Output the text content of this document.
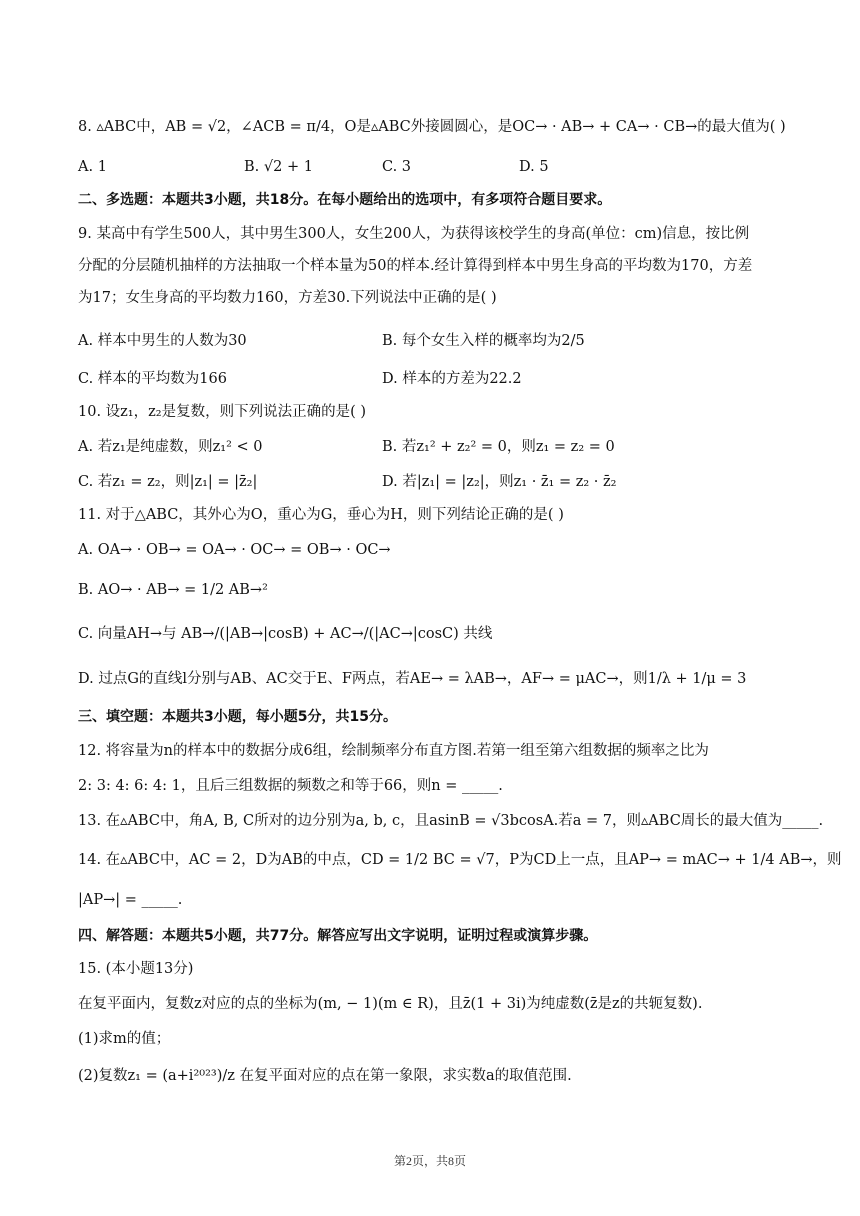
8. ▵ABC中，AB = √2，∠ACB = π/4，O是▵ABC外接圆圆心，是OC→ · AB→ + CA→ · CB→的最大值为( )
A. 1	B. √2 + 1	C. 3	D. 5
二、多选题：本题共3小题，共18分。在每小题给出的选项中，有多项符合题目要求。
9. 某高中有学生500人，其中男生300人，女生200人，为获得该校学生的身高(单位：cm)信息，按比例
分配的分层随机抽样的方法抽取一个样本量为50的样本.经计算得到样本中男生身高的平均数为170，方差
为17；女生身高的平均数力160，方差30.下列说法中正确的是( )
A. 样本中男生的人数为30	B. 每个女生入样的概率均为2/5
C. 样本的平均数为166	D. 样本的方差为22.2
10. 设z₁，z₂是复数，则下列说法正确的是( )
A. 若z₁是纯虚数，则z₁² < 0	B. 若z₁² + z₂² = 0，则z₁ = z₂ = 0
C. 若z₁ = z₂，则|z₁| = |z̄₂|	D. 若|z₁| = |z₂|，则z₁ · z̄₁ = z₂ · z̄₂
11. 对于△ABC，其外心为O，重心为G，垂心为H，则下列结论正确的是( )
A. OA→ · OB→ = OA→ · OC→ = OB→ · OC→
B. AO→ · AB→ = 1/2 AB→²
C. 向量AH→与 AB→/(|AB→|cosB) + AC→/(|AC→|cosC) 共线
D. 过点G的直线l分别与AB、AC交于E、F两点，若AE→ = λAB→，AF→ = μAC→，则1/λ + 1/μ = 3
三、填空题：本题共3小题，每小题5分，共15分。
12. 将容量为n的样本中的数据分成6组，绘制频率分布直方图.若第一组至第六组数据的频率之比为
2: 3: 4: 6: 4: 1，且后三组数据的频数之和等于66，则n = _____.
13. 在▵ABC中，角A, B, C所对的边分别为a, b, c，且asinB = √3bcosA.若a = 7，则▵ABC周长的最大值为_____.
14. 在▵ABC中，AC = 2，D为AB的中点，CD = 1/2 BC = √7，P为CD上一点，且AP→ = mAC→ + 1/4 AB→，则
|AP→| = _____.
四、解答题：本题共5小题，共77分。解答应写出文字说明，证明过程或演算步骤。
15. (本小题13分)
在复平面内，复数z对应的点的坐标为(m, − 1)(m ∈ R)，且z̄(1 + 3i)为纯虚数(z̄是z的共轭复数).
(1)求m的值；
(2)复数z₁ = (a+i²⁰²³)/z 在复平面对应的点在第一象限，求实数a的取值范围.
第2页，共8页
